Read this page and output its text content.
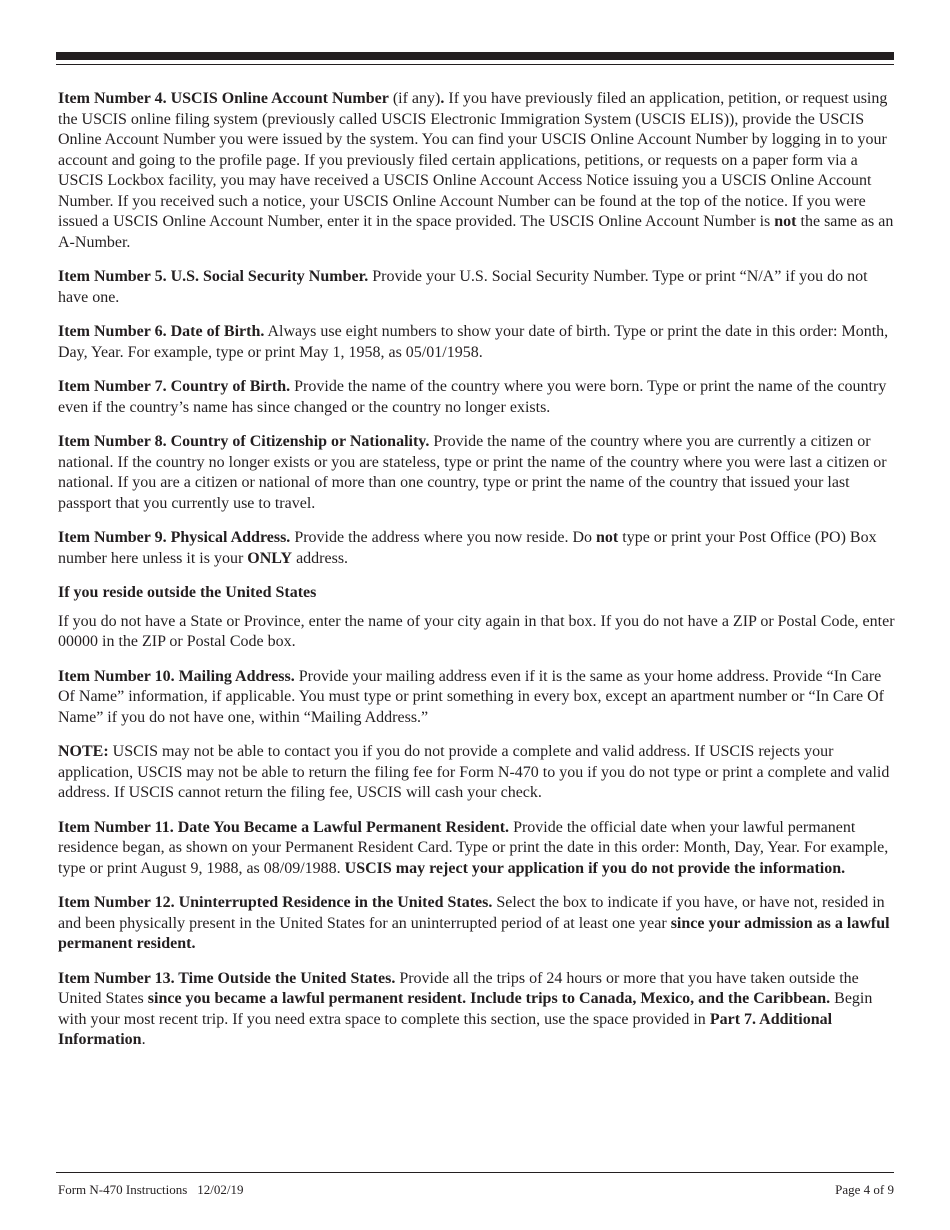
Item Number 4. USCIS Online Account Number (if any). If you have previously filed an application, petition, or request using the USCIS online filing system (previously called USCIS Electronic Immigration System (USCIS ELIS)), provide the USCIS Online Account Number you were issued by the system. You can find your USCIS Online Account Number by logging in to your account and going to the profile page. If you previously filed certain applications, petitions, or requests on a paper form via a USCIS Lockbox facility, you may have received a USCIS Online Account Access Notice issuing you a USCIS Online Account Number. If you received such a notice, your USCIS Online Account Number can be found at the top of the notice. If you were issued a USCIS Online Account Number, enter it in the space provided. The USCIS Online Account Number is not the same as an A-Number.

Item Number 5. U.S. Social Security Number. Provide your U.S. Social Security Number. Type or print “N/A” if you do not have one.

Item Number 6. Date of Birth. Always use eight numbers to show your date of birth. Type or print the date in this order: Month, Day, Year. For example, type or print May 1, 1958, as 05/01/1958.

Item Number 7. Country of Birth. Provide the name of the country where you were born. Type or print the name of the country even if the country’s name has since changed or the country no longer exists.

Item Number 8. Country of Citizenship or Nationality. Provide the name of the country where you are currently a citizen or national. If the country no longer exists or you are stateless, type or print the name of the country where you were last a citizen or national. If you are a citizen or national of more than one country, type or print the name of the country that issued your last passport that you currently use to travel.

Item Number 9. Physical Address. Provide the address where you now reside. Do not type or print your Post Office (PO) Box number here unless it is your ONLY address.

If you reside outside the United States

If you do not have a State or Province, enter the name of your city again in that box. If you do not have a ZIP or Postal Code, enter 00000 in the ZIP or Postal Code box.

Item Number 10. Mailing Address. Provide your mailing address even if it is the same as your home address. Provide “In Care Of Name” information, if applicable. You must type or print something in every box, except an apartment number or “In Care Of Name” if you do not have one, within “Mailing Address.”

NOTE: USCIS may not be able to contact you if you do not provide a complete and valid address. If USCIS rejects your application, USCIS may not be able to return the filing fee for Form N-470 to you if you do not type or print a complete and valid address. If USCIS cannot return the filing fee, USCIS will cash your check.

Item Number 11. Date You Became a Lawful Permanent Resident. Provide the official date when your lawful permanent residence began, as shown on your Permanent Resident Card. Type or print the date in this order: Month, Day, Year. For example, type or print August 9, 1988, as 08/09/1988. USCIS may reject your application if you do not provide the information.

Item Number 12. Uninterrupted Residence in the United States. Select the box to indicate if you have, or have not, resided in and been physically present in the United States for an uninterrupted period of at least one year since your admission as a lawful permanent resident.

Item Number 13. Time Outside the United States. Provide all the trips of 24 hours or more that you have taken outside the United States since you became a lawful permanent resident. Include trips to Canada, Mexico, and the Caribbean. Begin with your most recent trip. If you need extra space to complete this section, use the space provided in Part 7. Additional Information.

Form N-470 Instructions 12/02/19	Page 4 of 9
